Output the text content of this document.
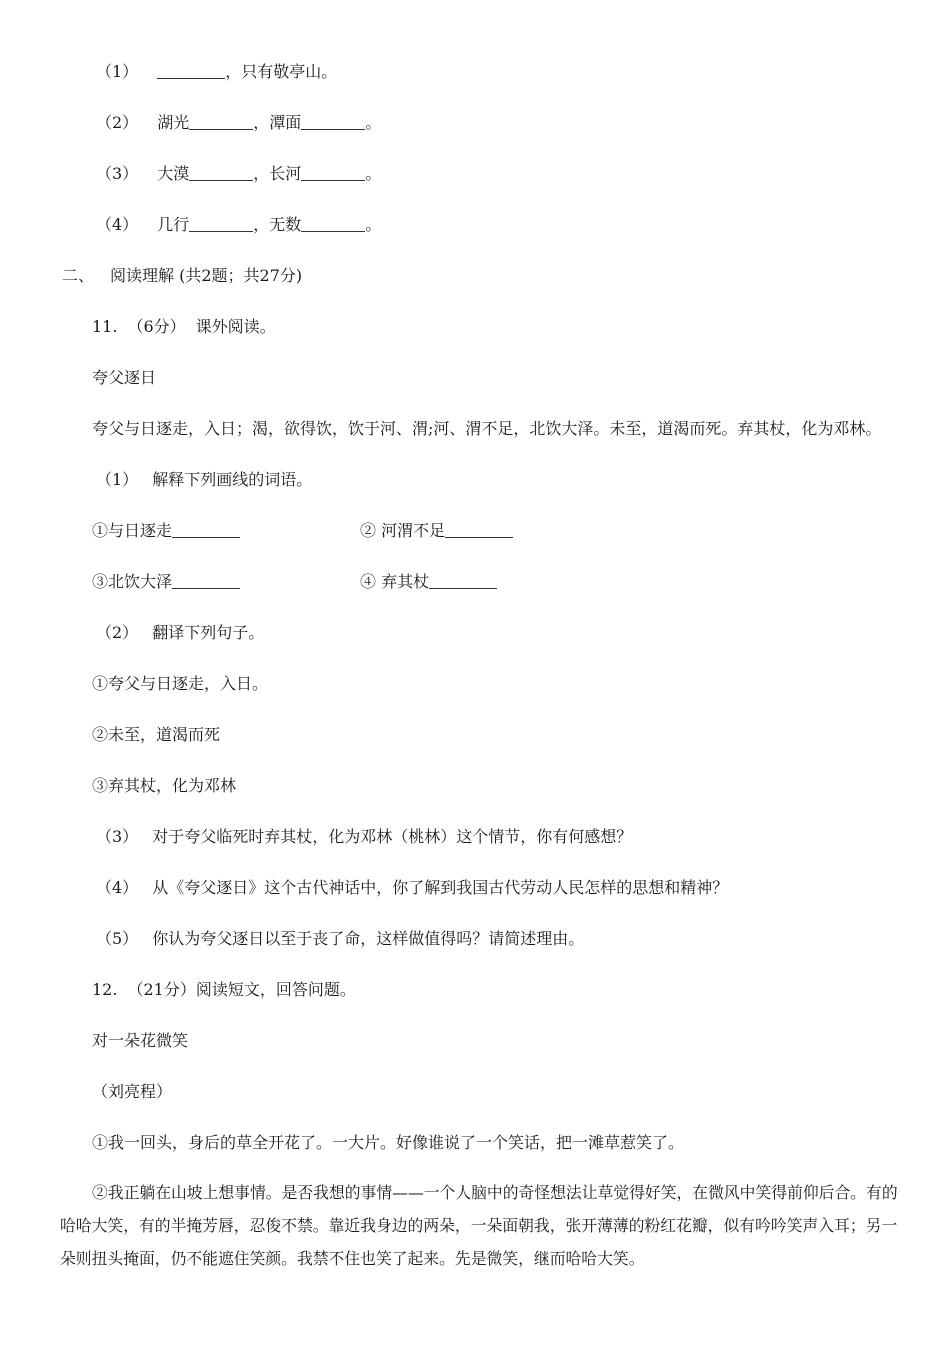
（1）	，只有敬亭山。
（2） 湖光	，潭面	。
（3） 大漠	，长河	。
（4） 几行	，无数	。
二、 阅读理解 (共2题；共27分)
11. （6分） 课外阅读。
夸父逐日
夸父与日逐走，入日；渴，欲得饮，饮于河、渭;河、渭不足，北饮大泽。未至，道渴而死。弃其杖，化为邓林。
（1） 解释下列画线的词语。
①与日逐走	② 河渭不足
③北饮大泽	④ 弃其杖
（2） 翻译下列句子。
①夸父与日逐走，入日。
②未至，道渴而死
③弃其杖，化为邓林
（3） 对于夸父临死时弃其杖，化为邓林（桃林）这个情节，你有何感想？
（4） 从《夸父逐日》这个古代神话中，你了解到我国古代劳动人民怎样的思想和精神？
（5） 你认为夸父逐日以至于丧了命，这样做值得吗？请简述理由。
12. （21分）阅读短文，回答问题。
对一朵花微笑
（刘亮程）
①我一回头，身后的草全开花了。一大片。好像谁说了一个笑话，把一滩草惹笑了。
②我正躺在山坡上想事情。是否我想的事情——一个人脑中的奇怪想法让草觉得好笑，在微风中笑得前仰后合。有的哈哈大笑，有的半掩芳唇，忍俊不禁。靠近我身边的两朵，一朵面朝我，张开薄薄的粉红花瓣，似有吟吟笑声入耳；另一朵则扭头掩面，仍不能遮住笑颜。我禁不住也笑了起来。先是微笑，继而哈哈大笑。
